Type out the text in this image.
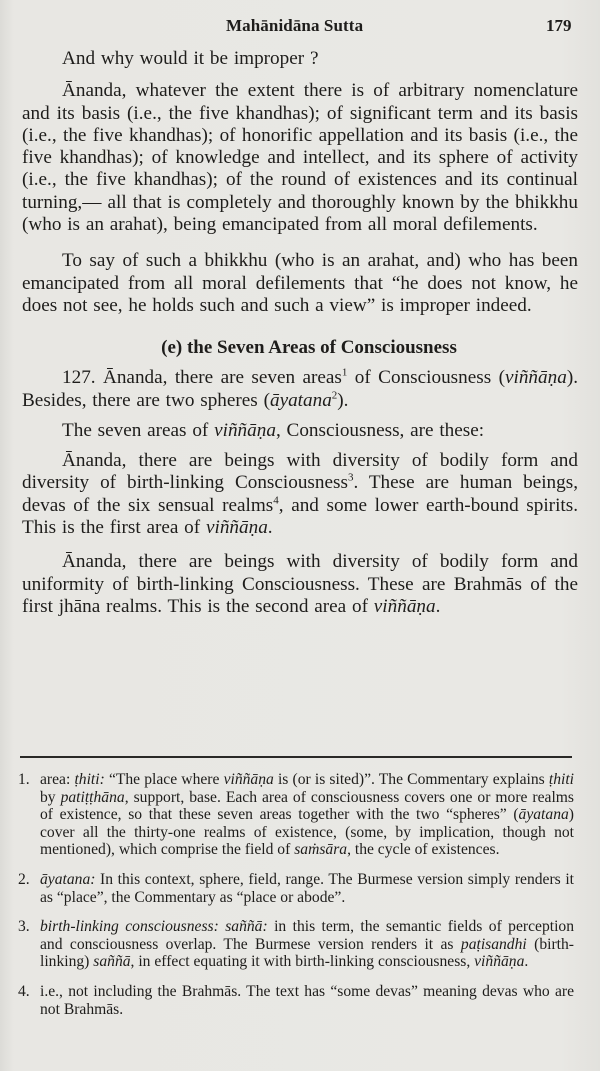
Mahānidāna Sutta	179

And why would it be improper ?

Ānanda, whatever the extent there is of arbitrary nomenclature and its basis (i.e., the five khandhas); of significant term and its basis (i.e., the five khandhas); of honorific appellation and its basis (i.e., the five khandhas); of knowledge and intellect, and its sphere of activity (i.e., the five khandhas); of the round of existences and its continual turning,— all that is completely and thoroughly known by the bhikkhu (who is an arahat), being emancipated from all moral defilements.

To say of such a bhikkhu (who is an arahat, and) who has been emancipated from all moral defilements that “he does not know, he does not see, he holds such and such a view” is improper indeed.

(e) the Seven Areas of Consciousness

127. Ānanda, there are seven areas$^1$ of Consciousness (viññāṇa). Besides, there are two spheres (āyatana$^2$).

The seven areas of viññāṇa, Consciousness, are these:

Ānanda, there are beings with diversity of bodily form and diversity of birth-linking Consciousness$^3$. These are human beings, devas of the six sensual realms$^4$, and some lower earth-bound spirits. This is the first area of viññāṇa.

Ānanda, there are beings with diversity of bodily form and uniformity of birth-linking Consciousness. These are Brahmās of the first jhāna realms. This is the second area of viññāṇa.

1. area: ṭhiti: “The place where viññāṇa is (or is sited)”. The Commentary explains ṭhiti by patiṭṭhāna, support, base. Each area of consciousness covers one or more realms of existence, so that these seven areas together with the two “spheres” (āyatana) cover all the thirty-one realms of existence, (some, by implication, though not mentioned), which comprise the field of saṁsāra, the cycle of existences.
2. āyatana: In this context, sphere, field, range. The Burmese version simply renders it as “place”, the Commentary as “place or abode”.
3. birth-linking consciousness: saññā: in this term, the semantic fields of perception and consciousness overlap. The Burmese version renders it as paṭisandhi (birth-linking) saññā, in effect equating it with birth-linking consciousness, viññāṇa.
4. i.e., not including the Brahmās. The text has “some devas” meaning devas who are not Brahmās.
